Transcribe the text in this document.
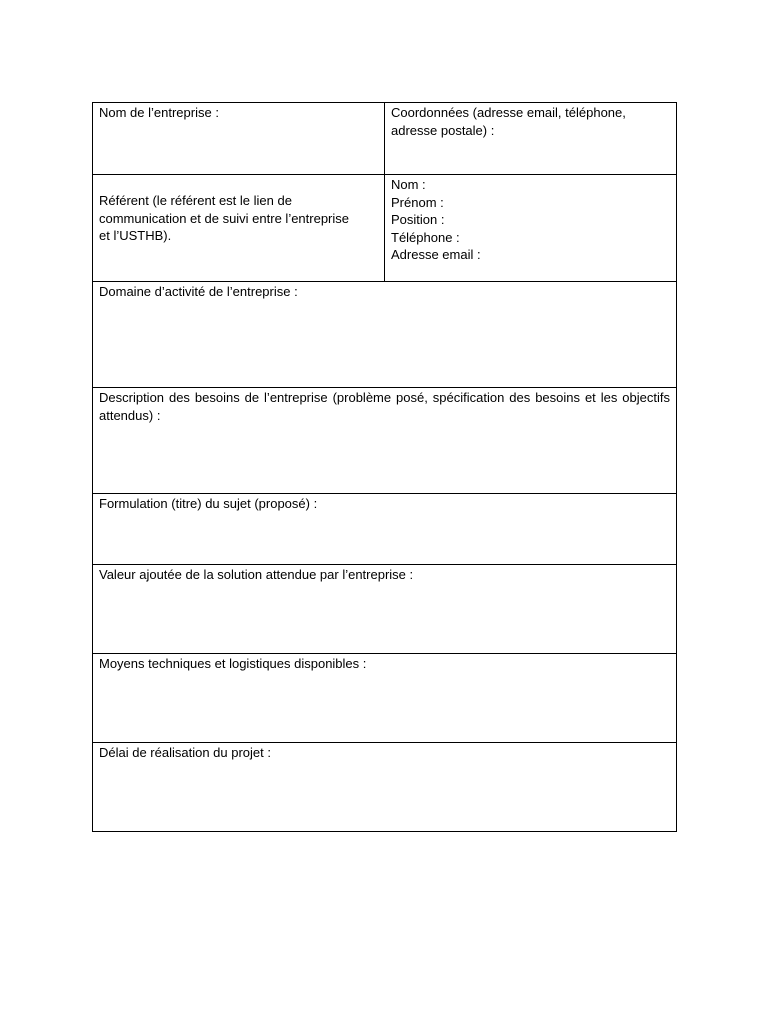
Nom de l’entreprise :	Coordonnées (adresse email, téléphone,
adresse postale) :

Référent (le référent est le lien de
communication et de suivi entre l’entreprise
et l’USTHB).	Nom :
Prénom :
Position :
Téléphone :
Adresse email :

Domaine d’activité de l’entreprise :	
Description des besoins de l’entreprise (problème posé, spécification des besoins et les objectifs attendus) :	
Formulation (titre) du sujet (proposé) :	
Valeur ajoutée de la solution attendue par l’entreprise :	
Moyens techniques et logistiques disponibles :	
Délai de réalisation du projet :	
